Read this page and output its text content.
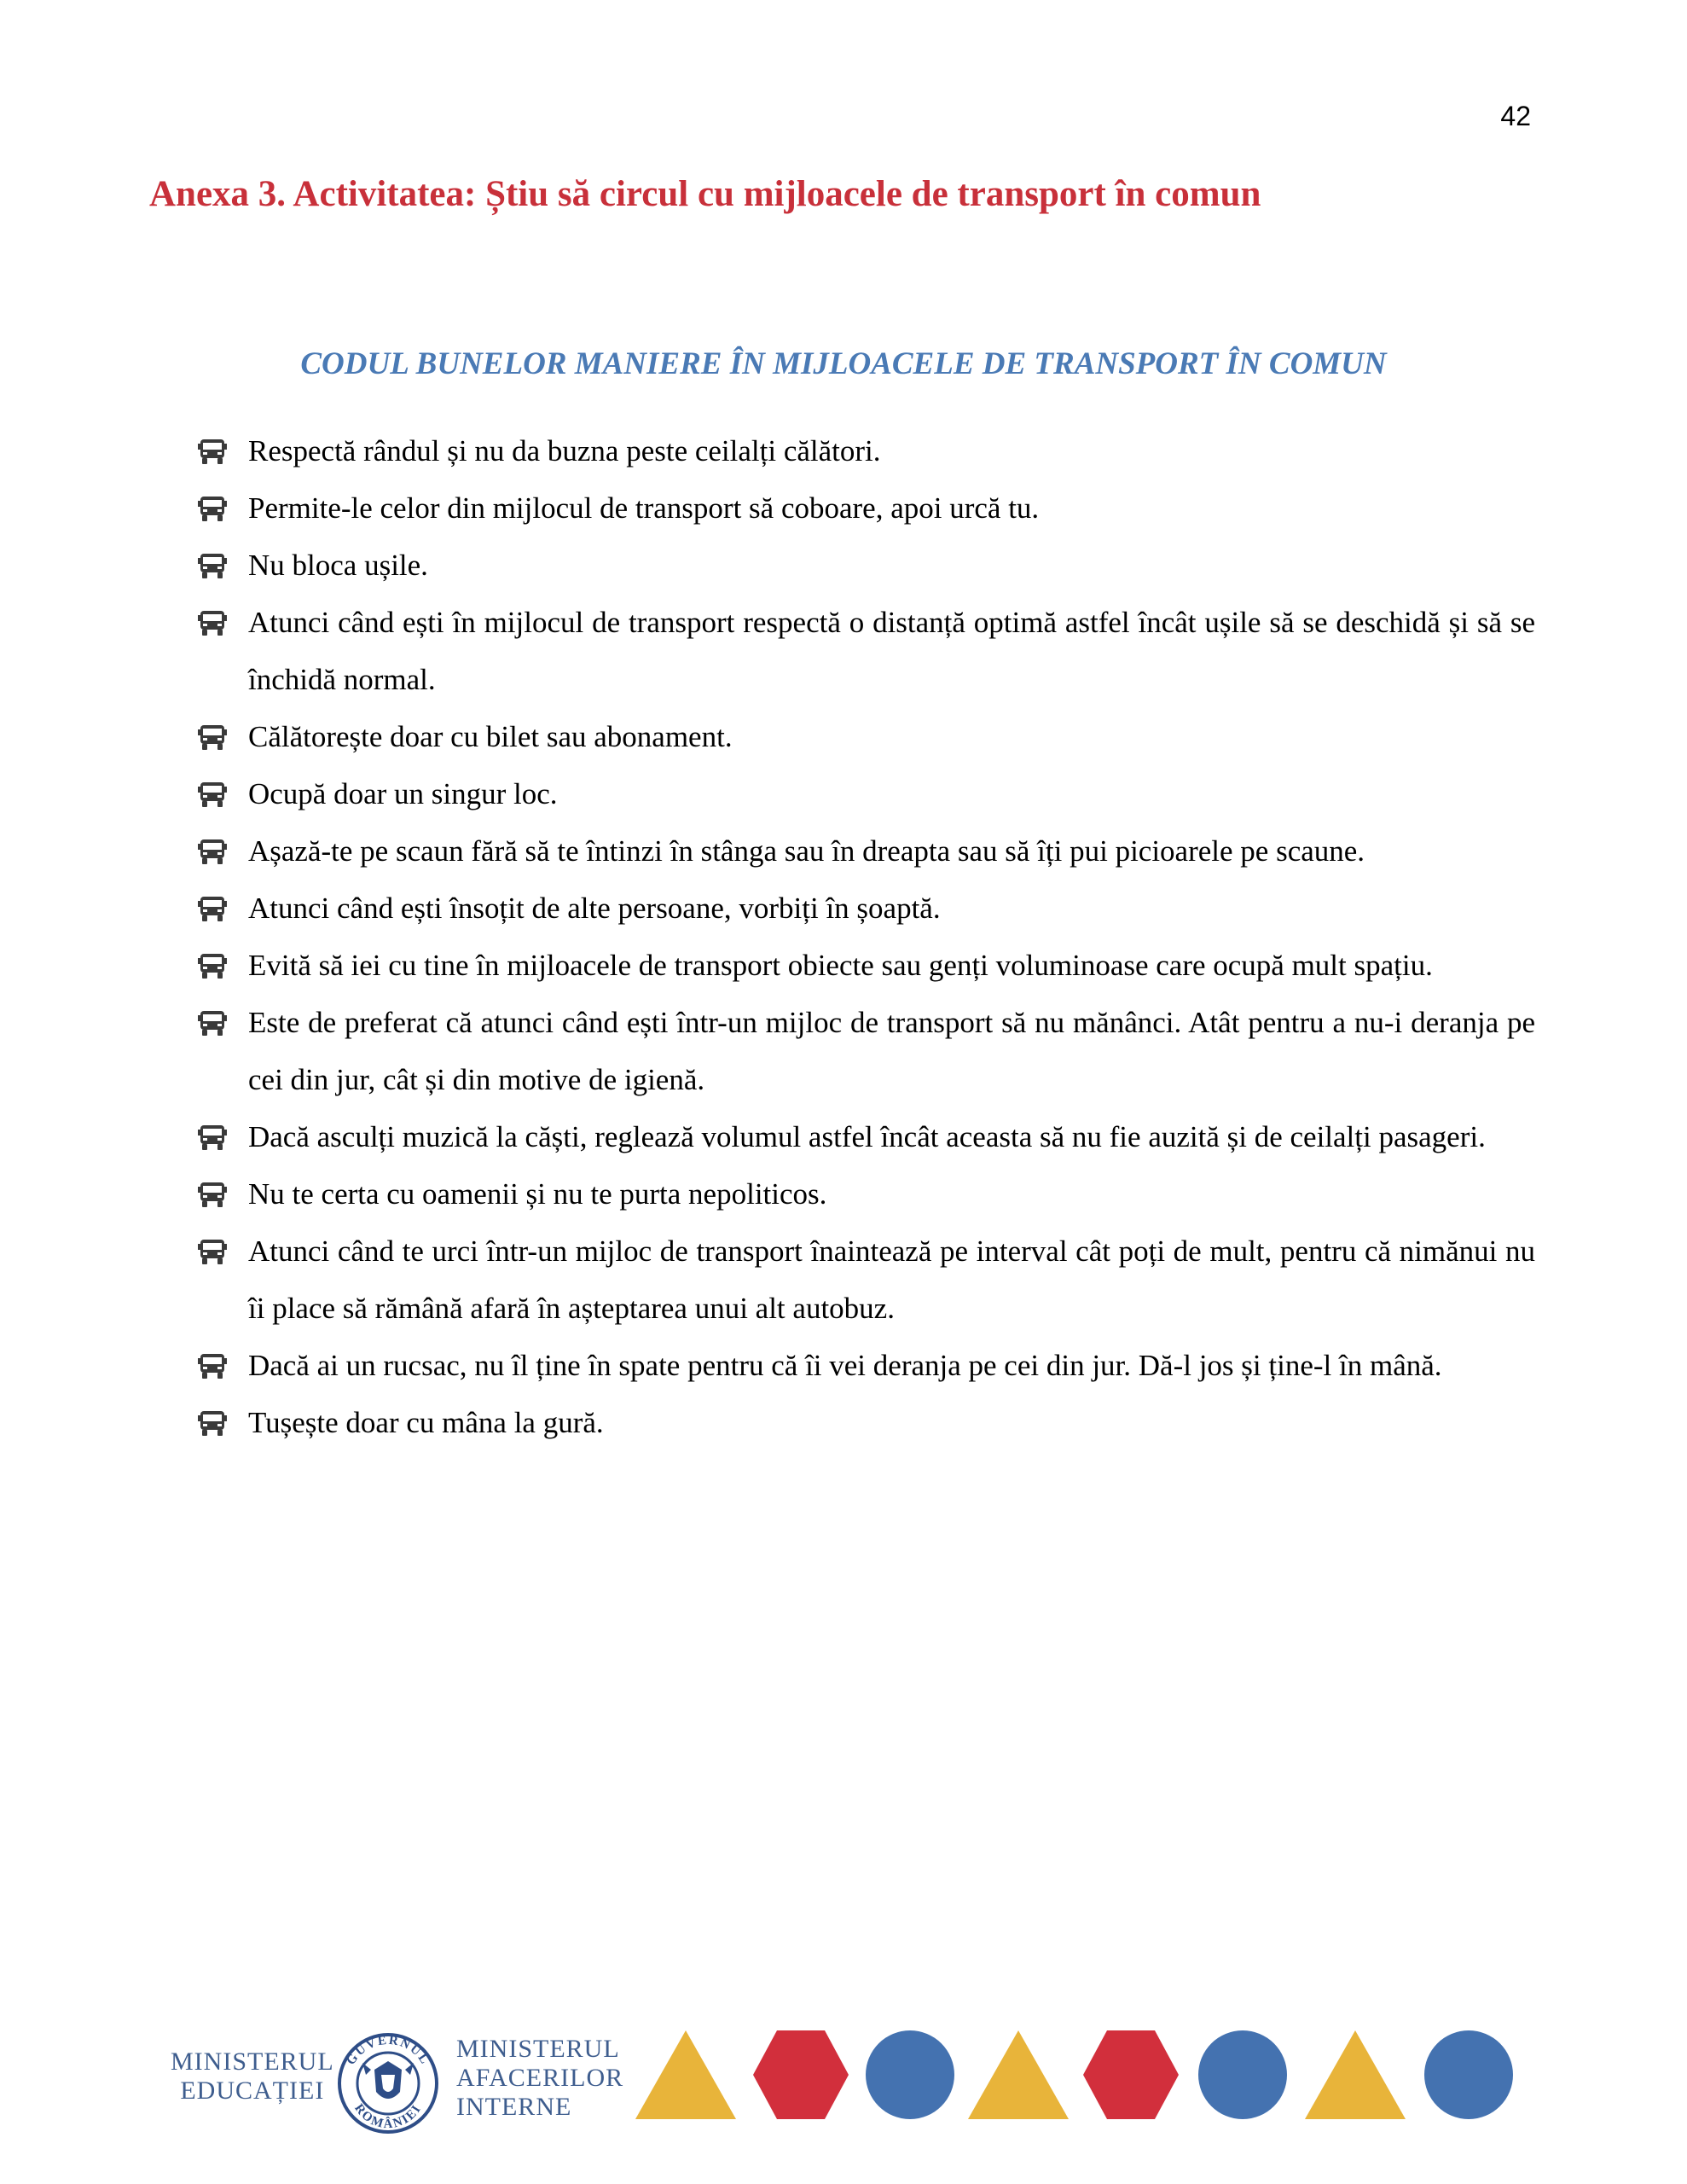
42
Anexa 3. Activitatea: Știu să circul cu mijloacele de transport în comun
CODUL BUNELOR MANIERE ÎN MIJLOACELE DE TRANSPORT ÎN COMUN
Respectă rândul și nu da buzna peste ceilalți călători.
Permite-le celor din mijlocul de transport să coboare, apoi urcă tu.
Nu bloca ușile.
Atunci când ești în mijlocul de transport respectă o distanță optimă astfel încât ușile să se deschidă și să se închidă normal.
Călătorește doar cu bilet sau abonament.
Ocupă doar un singur loc.
Așază-te pe scaun fără să te întinzi în stânga sau în dreapta sau să îți pui picioarele pe scaune.
Atunci când ești însoțit de alte persoane, vorbiți în șoaptă.
Evită să iei cu tine în mijloacele de transport obiecte sau genți voluminoase care ocupă mult spațiu.
Este de preferat că atunci când ești într-un mijloc de transport să nu mănânci. Atât pentru a nu-i deranja pe cei din jur, cât și din motive de igienă.
Dacă asculți muzică la căști, reglează volumul astfel încât aceasta să nu fie auzită și de ceilalți pasageri.
Nu te certa cu oamenii și nu te purta nepoliticos.
Atunci când te urci într-un mijloc de transport înaintează pe interval cât poți de mult, pentru că nimănui nu îi place să rămână afară în așteptarea unui alt autobuz.
Dacă ai un rucsac, nu îl ține în spate pentru că îi vei deranja pe cei din jur. Dă-l jos și ține-l în mână.
Tușește doar cu mâna la gură.
MINISTERUL
EDUCAȚIEI
GUVERNUL
ROMÂNIEI
MINISTERUL
AFACERILOR
INTERNE
